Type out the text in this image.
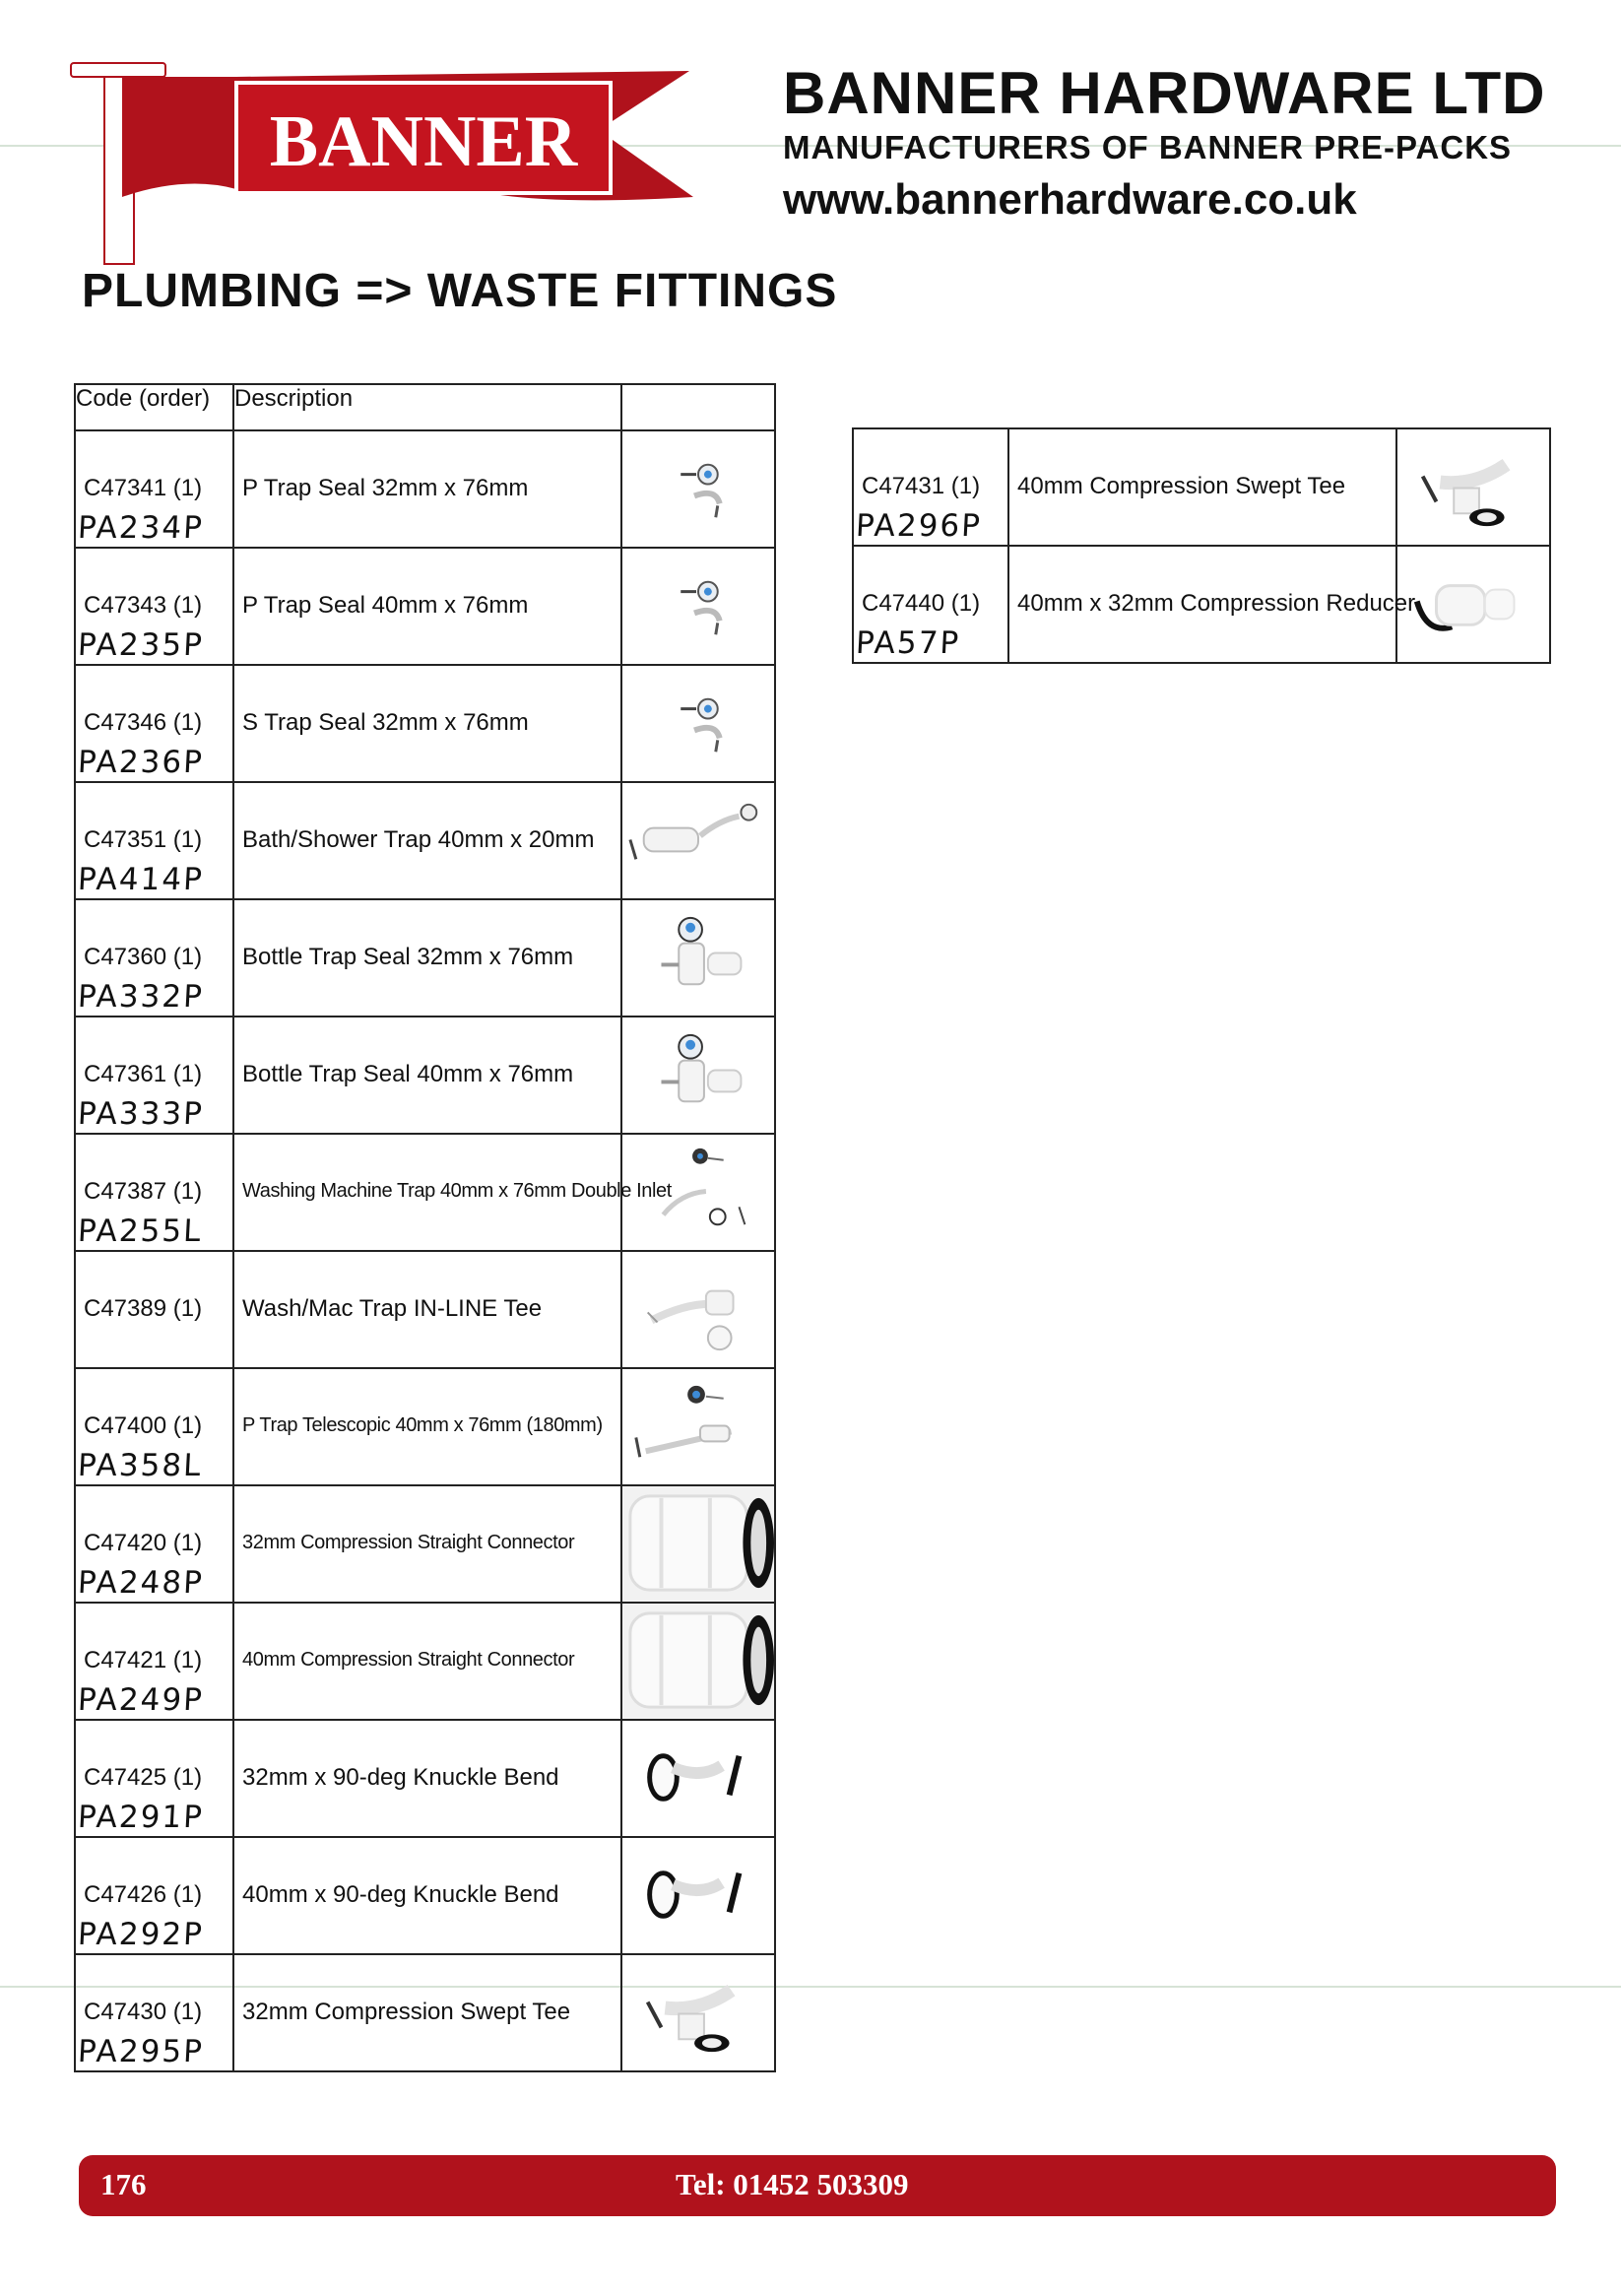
BANNER
BANNER HARDWARE LTD
MANUFACTURERS OF BANNER PRE-PACKS
www.bannerhardware.co.uk
PLUMBING => WASTE FITTINGS
Code (order)	Description	

C47341 (1)
PA234P	P Trap Seal 32mm x 76mm

C47343 (1)
PA235P	P Trap Seal 40mm x 76mm

C47346 (1)
PA236P	S Trap Seal 32mm x 76mm

C47351 (1)
PA414P	Bath/Shower Trap 40mm x 20mm

C47360 (1)
PA332P	Bottle Trap Seal 32mm x 76mm

C47361 (1)
PA333P	Bottle Trap Seal 40mm x 76mm

C47387 (1)
PA255L	Washing Machine Trap 40mm x 76mm Double Inlet

C47389 (1)	Wash/Mac Trap IN-LINE Tee

C47400 (1)
PA358L	P Trap Telescopic 40mm x 76mm (180mm)

C47420 (1)
PA248P	32mm Compression Straight Connector

C47421 (1)
PA249P	40mm Compression Straight Connector

C47425 (1)
PA291P	32mm x 90-deg Knuckle Bend

C47426 (1)
PA292P	40mm x 90-deg Knuckle Bend

C47430 (1)
PA295P	32mm Compression Swept Tee

C47431 (1)
PA296P	40mm Compression Swept Tee

C47440 (1)
PA57P	40mm x 32mm Compression Reducer

176	Tel: 01452 503309
